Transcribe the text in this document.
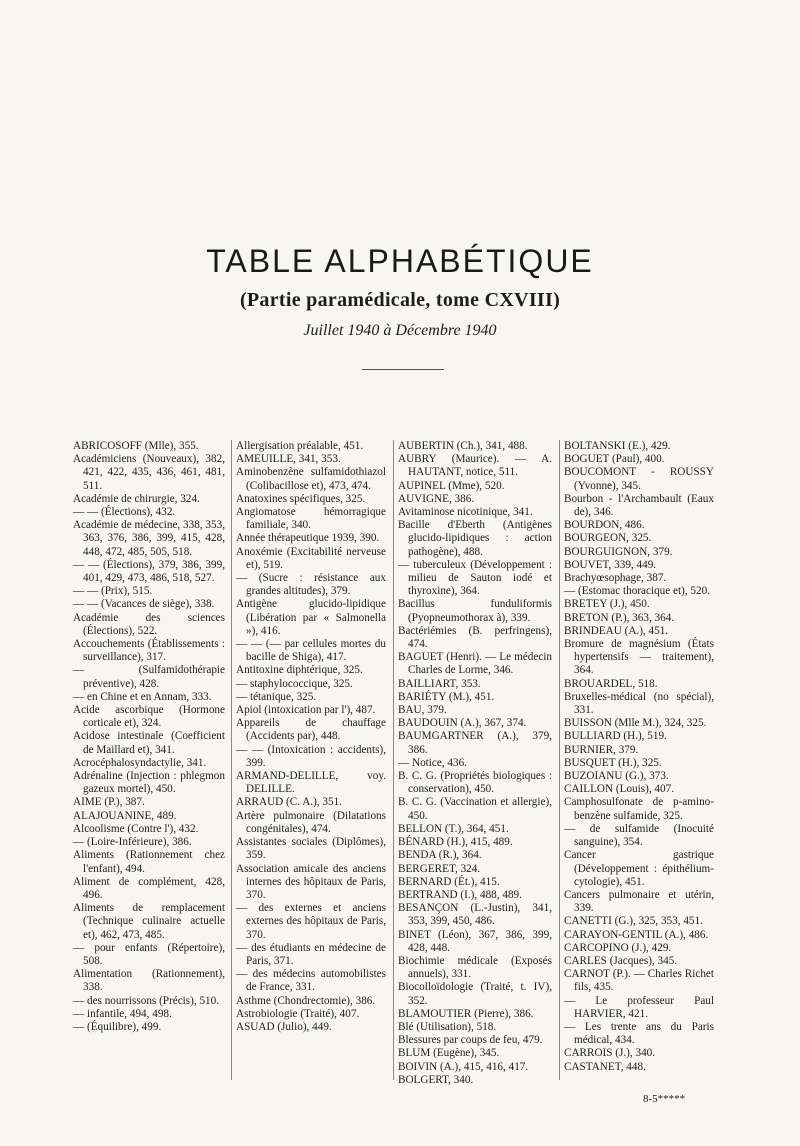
TABLE ALPHABÉTIQUE
(Partie paramédicale, tome CXVIII)
Juillet 1940 à Décembre 1940

ABRICOSOFF (Mlle), 355.

Académiciens (Nouveaux), 382, 421, 422, 435, 436, 461, 481, 511.

Académie de chirurgie, 324.

— — (Élections), 432.

Académie de médecine, 338, 353, 363, 376, 386, 399, 415, 428, 448, 472, 485, 505, 518.

— — (Élections), 379, 386, 399, 401, 429, 473, 486, 518, 527.

— — (Prix), 515.

— — (Vacances de siège), 338.

Académie des sciences (Élections), 522.

Accouchements (Établissements : surveillance), 317.

— (Sulfamidothérapie préventive), 428.

— en Chine et en Annam, 333.

Acide ascorbique (Hormone corticale et), 324.

Acidose intestinale (Coefficient de Maillard et), 341.

Acrocéphalosyndactylie, 341.

Adrénaline (Injection : phlegmon gazeux mortel), 450.

AIME (P.), 387.

ALAJOUANINE, 489.

Alcoolisme (Contre l'), 432.

— (Loire-Inférieure), 386.

Aliments (Rationnement chez l'enfant), 494.

Aliment de complément, 428, 496.

Aliments de remplacement (Technique culinaire actuelle et), 462, 473, 485.

— pour enfants (Répertoire), 508.

Alimentation (Rationnement), 338.

— des nourrissons (Précis), 510.

— infantile, 494, 498.

— (Équilibre), 499.

Allergisation préalable, 451.

AMEUILLE, 341, 353.

Aminobenzène sulfamidothiazol (Colibacillose et), 473, 474.

Anatoxines spécifiques, 325.

Angiomatose hémorragique familiale, 340.

Année thérapeutique 1939, 390.

Anoxémie (Excitabilité nerveuse et), 519.

— (Sucre : résistance aux grandes altitudes), 379.

Antigène glucido-lipidique (Libération par « Salmonella »), 416.

— — (— par cellules mortes du bacille de Shiga), 417.

Antitoxine diphtérique, 325.

— staphylococcique, 325.

— tétanique, 325.

Apiol (intoxication par l'), 487.

Appareils de chauffage (Accidents par), 448.

— — (Intoxication : accidents), 399.

ARMAND-DELILLE, voy. DELILLE.

ARRAUD (C. A.), 351.

Artère pulmonaire (Dilatations congénitales), 474.

Assistantes sociales (Diplômes), 359.

Association amicale des anciens internes des hôpitaux de Paris, 370.

— des externes et anciens externes des hôpitaux de Paris, 370.

— des étudiants en médecine de Paris, 371.

— des médecins automobilistes de France, 331.

Asthme (Chondrectomie), 386.

Astrobiologie (Traité), 407.

ASUAD (Julio), 449.

AUBERTIN (Ch.), 341, 488.

AUBRY (Maurice). — A. HAUTANT, notice, 511.

AUPINEL (Mme), 520.

AUVIGNE, 386.

Avitaminose nicotinique, 341.

Bacille d'Eberth (Antigènes glucido-lipidiques : action pathogène), 488.

— tuberculeux (Développement : milieu de Sauton iodé et thyroxine), 364.

Bacillus funduliformis (Pyopneumothorax à), 339.

Bactériémies (B. perfringens), 474.

BAGUET (Henri). — Le médecin Charles de Lorme, 346.

BAILLIART, 353.

BARIÉTY (M.), 451.

BAU, 379.

BAUDOUIN (A.), 367, 374.

BAUMGARTNER (A.), 379, 386.

— Notice, 436.

B. C. G. (Propriétés biologiques : conservation), 450.

B. C. G. (Vaccination et allergie), 450.

BELLON (T.), 364, 451.

BÉNARD (H.), 415, 489.

BENDA (R.), 364.

BERGERET, 324.

BERNARD (Ét.), 415.

BERTRAND (I.), 488, 489.

BESANÇON (L.-Justin), 341, 353, 399, 450, 486.

BINET (Léon), 367, 386, 399, 428, 448.

Biochimie médicale (Exposés annuels), 331.

Biocolloïdologie (Traité, t. IV), 352.

BLAMOUTIER (Pierre), 386.

Blé (Utilisation), 518.

Blessures par coups de feu, 479.

BLUM (Eugène), 345.

BOIVIN (A.), 415, 416, 417.

BOLGERT, 340.

BOLTANSKI (E.), 429.

BOGUET (Paul), 400.

BOUCOMONT - ROUSSY (Yvonne), 345.

Bourbon - l'Archambault (Eaux de), 346.

BOURDON, 486.

BOURGEON, 325.

BOURGUIGNON, 379.

BOUVET, 339, 449.

Brachyœsophage, 387.

— (Estomac thoracique et), 520.

BRETEY (J.), 450.

BRETON (P.), 363, 364.

BRINDEAU (A.), 451.

Bromure de magnésium (États hypertensifs — traitement), 364.

BROUARDEL, 518.

Bruxelles-médical (no spécial), 331.

BUISSON (Mlle M.), 324, 325.

BULLIARD (H.), 519.

BURNIER, 379.

BUSQUET (H.), 325.

BUZOIANU (G.), 373.

CAILLON (Louis), 407.

Camphosulfonate de p-amino-benzène sulfamide, 325.

— de sulfamide (Inocuité sanguine), 354.

Cancer gastrique (Développement : épithélium-cytologie), 451.

Cancers pulmonaire et utérin, 339.

CANETTI (G.), 325, 353, 451.

CARAYON-GENTIL (A.), 486.

CARCOPINO (J.), 429.

CARLES (Jacques), 345.

CARNOT (P.). — Charles Richet fils, 435.

— Le professeur Paul HARVIER, 421.

— Les trente ans du Paris médical, 434.

CARROIS (J.), 340.

CASTANET, 448.

8-5*****
